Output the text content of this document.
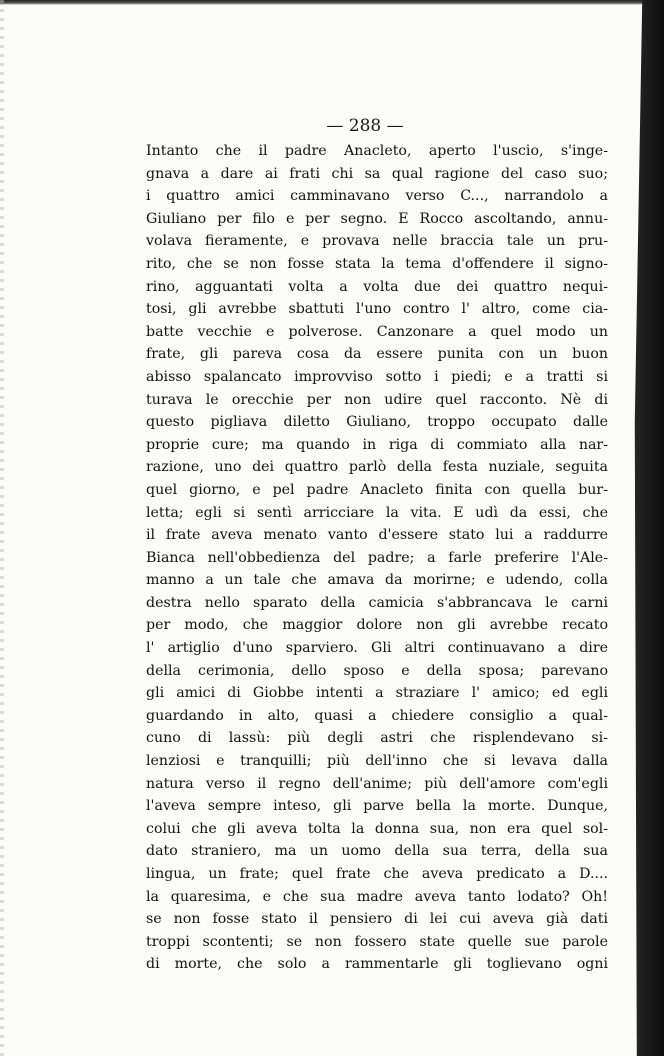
— 288 —
Intanto che il padre Anacleto, aperto l'uscio, s'inge-
gnava a dare ai frati chi sa qual ragione del caso suo;
i quattro amici camminavano verso C..., narrandolo a
Giuliano per filo e per segno. E Rocco ascoltando, annu-
volava fieramente, e provava nelle braccia tale un pru-
rito, che se non fosse stata la tema d'offendere il signo-
rino, agguantati volta a volta due dei quattro nequi-
tosi, gli avrebbe sbattuti l'uno contro l' altro, come cia-
batte vecchie e polverose. Canzonare a quel modo un
frate, gli pareva cosa da essere punita con un buon
abisso spalancato improvviso sotto i piedi; e a tratti si
turava le orecchie per non udire quel racconto. Nè di
questo pigliava diletto Giuliano, troppo occupato dalle
proprie cure; ma quando in riga di commiato alla nar-
razione, uno dei quattro parlò della festa nuziale, seguita
quel giorno, e pel padre Anacleto finita con quella bur-
letta; egli si sentì arricciare la vita. E udì da essi, che
il frate aveva menato vanto d'essere stato lui a raddurre
Bianca nell'obbedienza del padre; a farle preferire l'Ale-
manno a un tale che amava da morirne; e udendo, colla
destra nello sparato della camicia s'abbrancava le carni
per modo, che maggior dolore non gli avrebbe recato
l' artiglio d'uno sparviero. Gli altri continuavano a dire
della cerimonia, dello sposo e della sposa; parevano
gli amici di Giobbe intenti a straziare l' amico; ed egli
guardando in alto, quasi a chiedere consiglio a qual-
cuno di lassù: più degli astri che risplendevano si-
lenziosi e tranquilli; più dell'inno che si levava dalla
natura verso il regno dell'anime; più dell'amore com'egli
l'aveva sempre inteso, gli parve bella la morte. Dunque,
colui che gli aveva tolta la donna sua, non era quel sol-
dato straniero, ma un uomo della sua terra, della sua
lingua, un frate; quel frate che aveva predicato a D....
la quaresima, e che sua madre aveva tanto lodato? Oh!
se non fosse stato il pensiero di lei cui aveva già dati
troppi scontenti; se non fossero state quelle sue parole
di morte, che solo a rammentarle gli toglievano ogni
